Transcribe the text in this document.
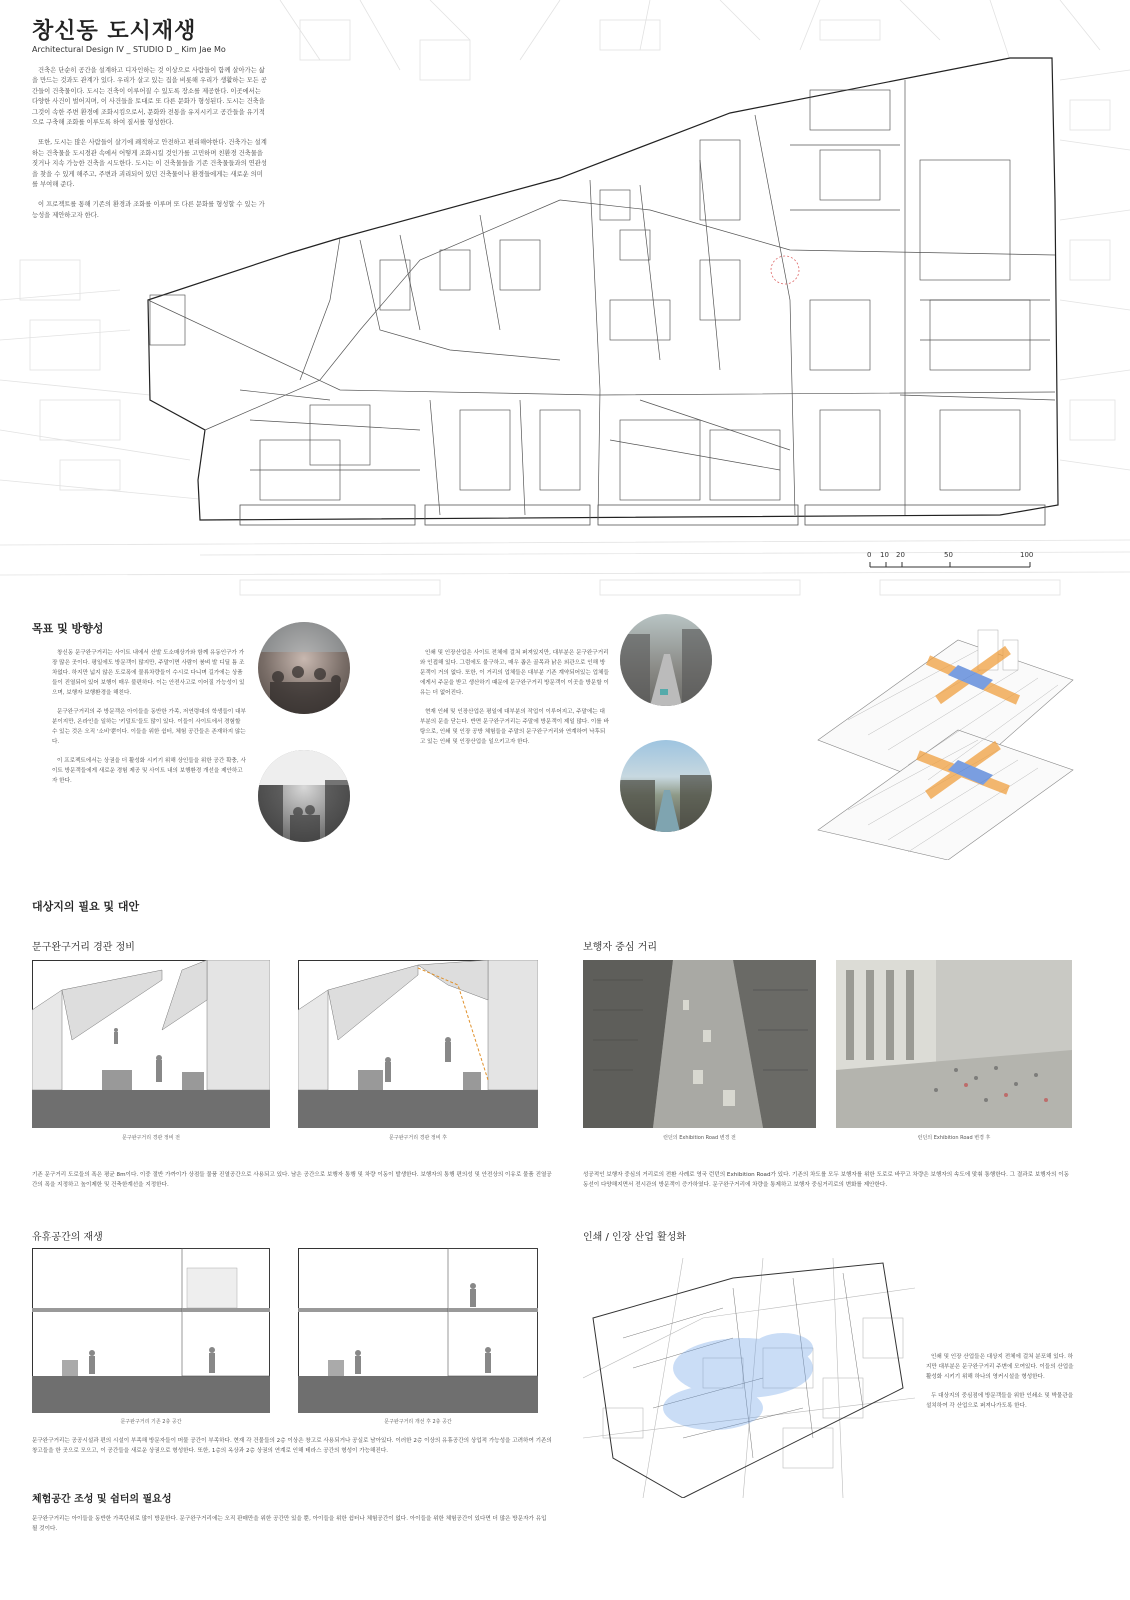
창신동 도시재생
Architectural Design IV _ STUDIO D _ Kim Jae Mo

건축은 단순히 공간을 설계하고 디자인하는 것 이상으로 사람들이 함께 살아가는 삶을 만드는 것과도 관계가 있다. 우리가 살고 있는 집을 비롯해 우리가 생활하는 모든 공간들이 건축물이다. 도시는 건축이 이루어질 수 있도록 장소를 제공한다. 이곳에서는 다양한 사건이 벌어지며, 이 사건들을 토대로 또 다른 문화가 형성된다. 도시는 건축을 그것이 속한 주변 환경에 조화시킴으로서, 문화와 전통을 유지시키고 공간들을 유기적으로 구축해 조화를 이루도록 하여 질서를 형성한다.

또한, 도시는 많은 사람들이 살기에 쾌적하고 안전하고 편리해야한다. 건축가는 설계하는 건축물을 도시경관 속에서 어떻게 조화시킬 것인가를 고민하며 친환경 건축물을 짓거나 지속 가능한 건축을 시도한다. 도시는 이 건축물들을 기존 건축물들과의 연관성을 찾을 수 있게 해주고, 주변과 괴리되어 있던 건축물이나 환경들에게는 새로운 의미를 부여해 준다.

이 프로젝트를 통해 기존의 환경과 조화를 이루며 또 다른 문화를 형성할 수 있는 가능성을 제안하고자 한다.

0 10 20	50	100
목표 및 방향성

창신동 문구완구거리는 사이트 내에서 산발 도소매상가와 함께 유동인구가 가장 많은 곳이다. 평일에도 방문객이 많지만, 주말이면 사람이 붐벼 발 디딜 틈 조차없다. 하지만 넓지 않은 도로폭에 물류차량들이 수시로 다니며 길가에는 상품들이 진열되어 있어 보행이 매우 불편하다. 이는 안전사고로 이어질 가능성이 있으며, 보행자 보행환경을 해친다.

문구완구거리의 주 방문객은 아이들을 동반한 가족, 저연령대의 학생들이 대부분이지만, 온라인을 일하는 '키덜트'들도 많이 있다. 이들이 사이트에서 경험할 수 있는 것은 오직 '소비'뿐이다. 이들을 위한 쉼터, 체험 공간들은 존재하지 않는다.

이 프로젝트에서는 상권을 더 활성화 시키기 위해 상인들을 위한 공간 확충, 사이트 방문객들에게 새로운 경험 제공 및 사이트 내의 보행환경 개선을 제안하고자 한다.

인쇄 및 인장산업은 사이트 전체에 걸쳐 퍼져있지만, 대부분은 문구완구거리와 인접해 있다. 그럼에도 불구하고, 매우 좁은 골목과 낡은 외관으로 인해 방문객이 거의 없다. 또한, 이 거리의 업체들은 대부분 기존 계약되어있는 업체들에게서 주문을 받고 생산하기 때문에 문구완구거리 방문객이 이곳을 방문할 이유는 더 없어진다.

현재 인쇄 및 인장산업은 평일에 대부분의 작업이 이루어지고, 주말에는 대부분의 문을 닫는다. 반면 문구완구거리는 주말에 방문객이 제일 많다. 이를 바탕으로, 인쇄 및 인장 공방 체험들을 주말의 문구완구거리와 연계하여 낙후되고 있는 인쇄 및 인장산업을 일으키고자 한다.

대상지의 필요 및 대안
문구완구거리 경관 정비
문구완구거리 경관 정비 전	문구완구거리 경관 정비 후
기존 문구거리 도로들의 폭은 평균 8m이다. 이중 절반 가까이가 상점들 물품 진열공간으로 사용되고 있다. 남은 공간으로 보행자 통행 및 차량 이동이 발생한다. 보행자의 통행 편의성 및 안전상의 이유로 물품 진열공간의 폭을 지정하고 높이제한 및 건축한계선을 지정한다.
보행자 중심 거리
런던의 Exhibition Road 변경 전	런던의 Exhibition Road 변경 후
성공적인 보행자 중심의 거리로의 전환 사례로 영국 런던의 Exhibition Road가 있다. 기존의 차도를 모두 보행자를 위한 도로로 바꾸고 차량은 보행자의 속도에 맞춰 통행한다. 그 결과로 보행자의 이동동선이 다양해지면서 전시관의 방문객이 증가하였다. 문구완구거리에 차량을 통제하고 보행자 중심거리로의 변화를 제안한다.
유휴공간의 재생
문구완구거리 기존 2층 공간	문구완구거리 개선 후 2층 공간
문구완구거리는 공공시설과 편의 시설이 부족해 방문자들이 머물 공간이 부족하다. 현재 각 건물들의 2층 이상은 창고로 사용되거나 공실로 남아있다. 이러한 2층 이상의 유휴공간의 상업적 가능성을 고려하여 기존의 창고들을 한 곳으로 모으고, 이 공간들을 새로운 상권으로 형성한다. 또한, 1층의 옥상과 2층 상권의 연계로 인해 테라스 공간의 형성이 가능해진다.
인쇄 / 인장 산업 활성화

인쇄 및 인장 산업들은 대상지 전체에 걸쳐 분포해 있다. 하지만 대부분은 문구완구거리 주변에 모여있다. 이들의 산업을 활성화 시키기 위해 하나의 영커시설을 형성한다.

두 대상지의 중심점에 방문객들을 위한 인쇄소 및 박물관을 설치하여 각 산업으로 퍼져나가도록 한다.

체험공간 조성 및 쉼터의 필요성
문구완구거리는 아이들을 동반한 가족단위로 많이 방문한다. 문구완구거리에는 오직 판매만을 위한 공간만 있을 뿐, 아이들을 위한 쉼터나 체험공간이 없다. 아이들을 위한 체험공간이 있다면 더 많은 방문자가 유입 될 것이다.
